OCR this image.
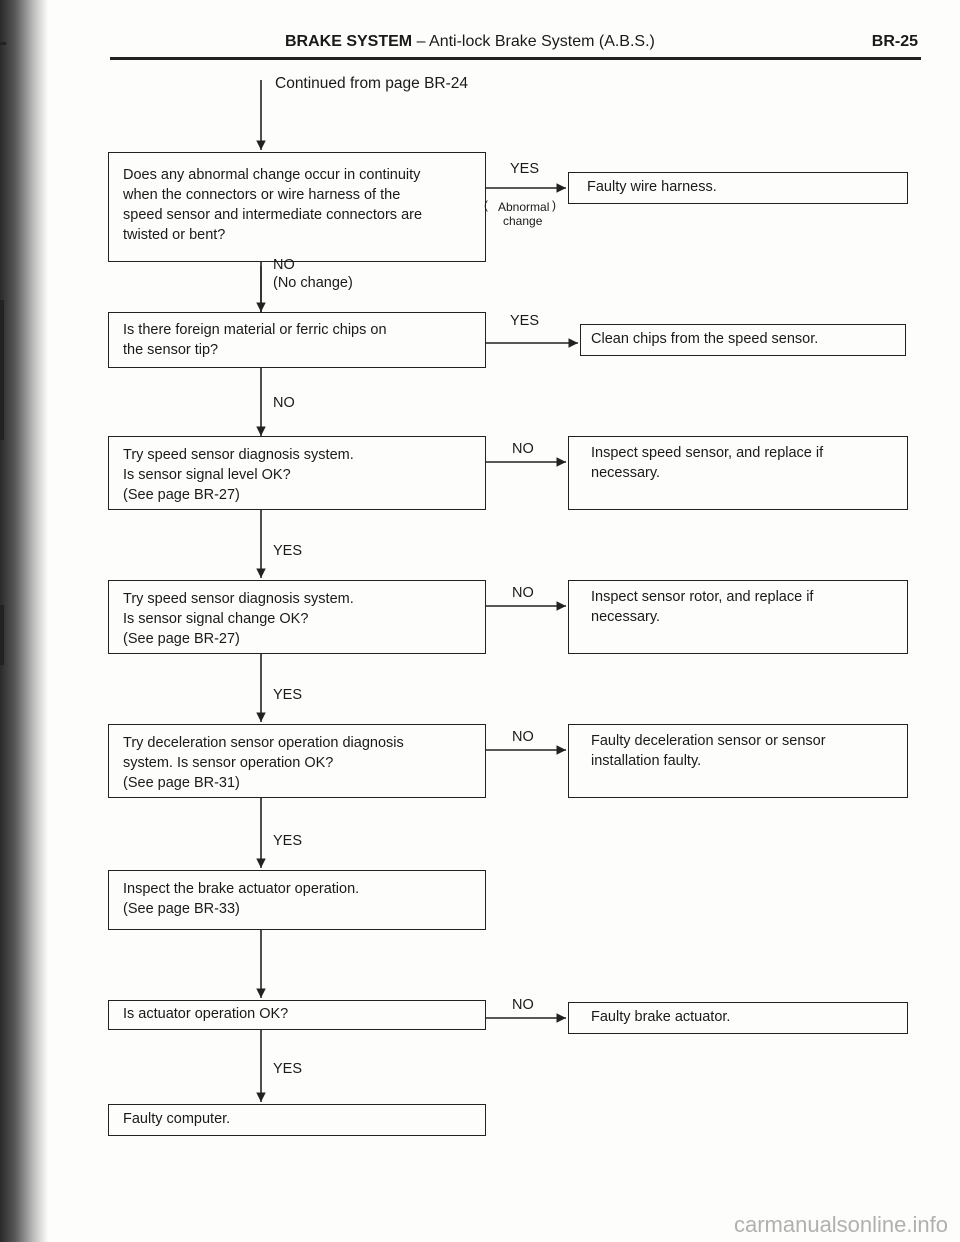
BRAKE SYSTEM – Anti-lock Brake System (A.B.S.)	BR-25
Continued from page BR-24
Does any abnormal change occur in continuity
when the connectors or wire harness of the
speed sensor and intermediate connectors are
twisted or bent?
YES
( Abnormal
change
)
Faulty wire harness.
NO
(No change)
Is there foreign material or ferric chips on
the sensor tip?
YES
Clean chips from the speed sensor.
NO
Try speed sensor diagnosis system.
Is sensor signal level OK?
(See page BR-27)
NO	Inspect speed sensor, and replace if
necessary.
YES
Try speed sensor diagnosis system.
Is sensor signal change OK?
(See page BR-27)
NO	Inspect sensor rotor, and replace if
necessary.
YES
Try deceleration sensor operation diagnosis
system. Is sensor operation OK?
(See page BR-31)
NO	Faulty deceleration sensor or sensor
installation faulty.
YES
Inspect the brake actuator operation.
(See page BR-33)
Is actuator operation OK?
NO
Faulty brake actuator.
YES
Faulty computer.
carmanualsonline.info
